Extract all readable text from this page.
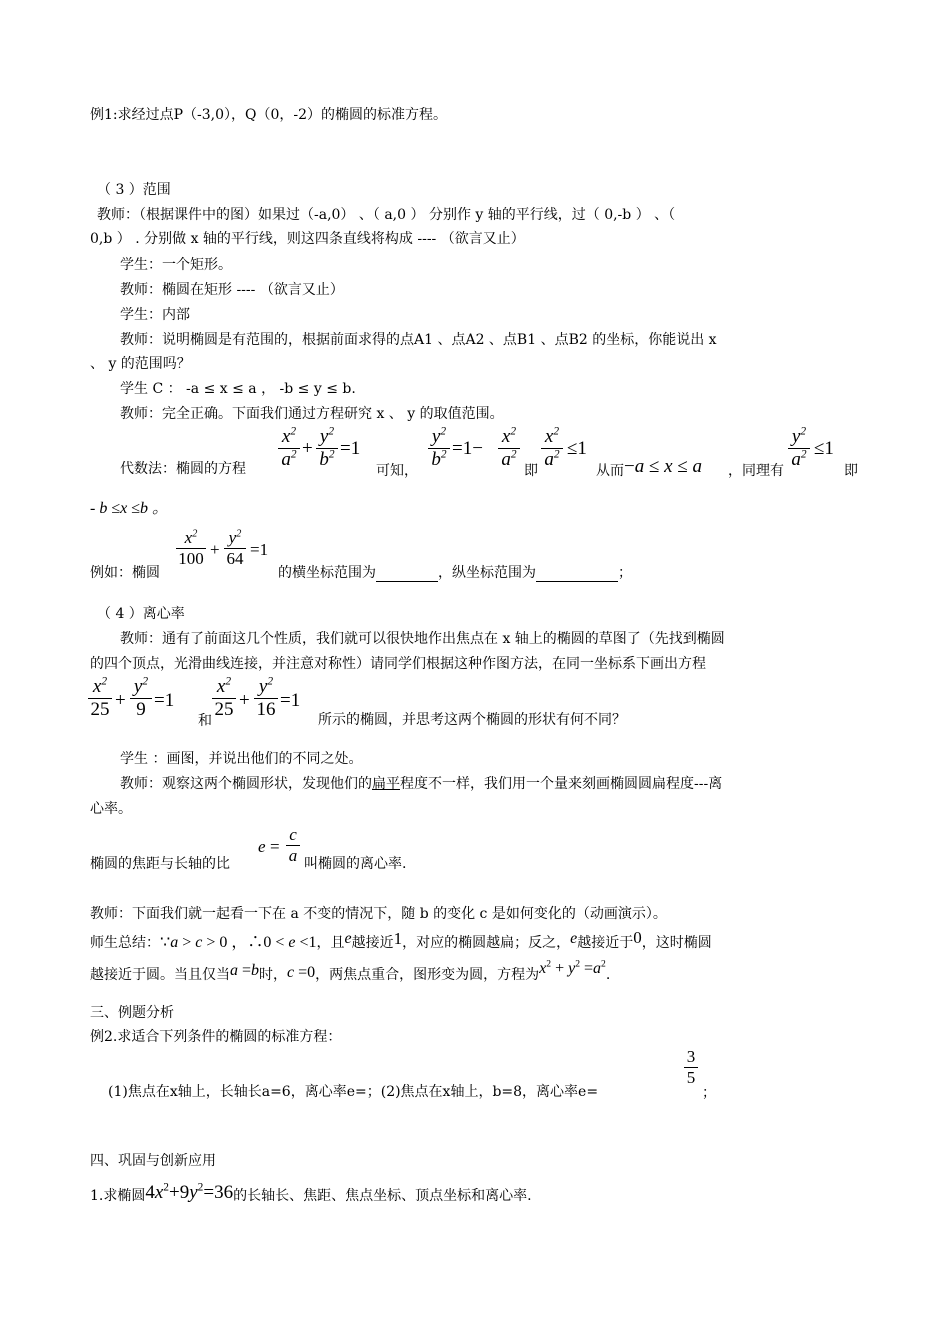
例1:求经过点P（-3,0），Q（0，-2）的椭圆的标准方程。
（ 3 ）范围
教师：（根据课件中的图）如果过（-a,0） 、（ a,0 ） 分别作 y 轴的平行线，过（ 0,-b ） 、（
0,b ） . 分别做 x 轴的平行线，则这四条直线将构成 ---- （欲言又止）
学生：一个矩形。
教师：椭圆在矩形 ---- （欲言又止）
学生：内部
教师：说明椭圆是有范围的，根据前面求得的点A1 、点A2 、点B1 、点B2 的坐标，你能说出 x
、 y 的范围吗？
学生 C ： -a ≤ x ≤ a ， -b ≤ y ≤ b.
教师：完全正确。下面我们通过方程研究 x 、 y 的取值范围。
代数法：椭圆的方程
$x^2$
$a^2$ +
$y^2$
$b^2 =1$
可知，
$y^2$
$b^2 =1-$
$x^2$
$a^2$
即
$x^2$
$a^2 \le 1$
从而 −a ≤ x ≤ a ，同理有
$y^2$
$a^2 \le 1$
即
- b ≤x ≤b 。
例如：椭圆
$x^2$
100 +
$y^2$
64 =1
的横坐标范围为	，纵坐标范围为	；
（ 4 ）离心率
教师：通有了前面这几个性质，我们就可以很快地作出焦点在 x 轴上的椭圆的草图了（先找到椭圆
的四个顶点，光滑曲线连接，并注意对称性）请同学们根据这种作图方法，在同一坐标系下画出方程
$x^2$
25 +
$y^2$
9 =1
和
$x^2$
25 +
$y^2$
16 =1
所示的椭圆，并思考这两个椭圆的形状有何不同？
学生 ：画图，并说出他们的不同之处。
教师：观察这两个椭圆形状，发现他们的扁平程度不一样，我们用一个量来刻画椭圆圆扁程度---离
心率。
椭圆的焦距与长轴的比
e =
c
a 叫椭圆的离心率.
教师：下面我们就一起看一下在 a 不变的情况下，随 b 的变化 c 是如何变化的（动画演示）。
师生总结：∵a > c > 0 ，∴0 < e <1，且e越接近1，对应的椭圆越扁；反之，e越接近于0，这时椭圆
越接近于圆。当且仅当a =b时，c =0，两焦点重合，图形变为圆，方程为$x^2 + y^2 =a^2$.
三、例题分析
例2.求适合下列条件的椭圆的标准方程：
(1)焦点在x轴上，长轴长a=6，离心率e=；(2)焦点在x轴上，b=8，离心率e=
3
5
；
四、巩固与创新应用
1.求椭圆$4x^2+9y^2=36$的长轴长、焦距、焦点坐标、顶点坐标和离心率.
